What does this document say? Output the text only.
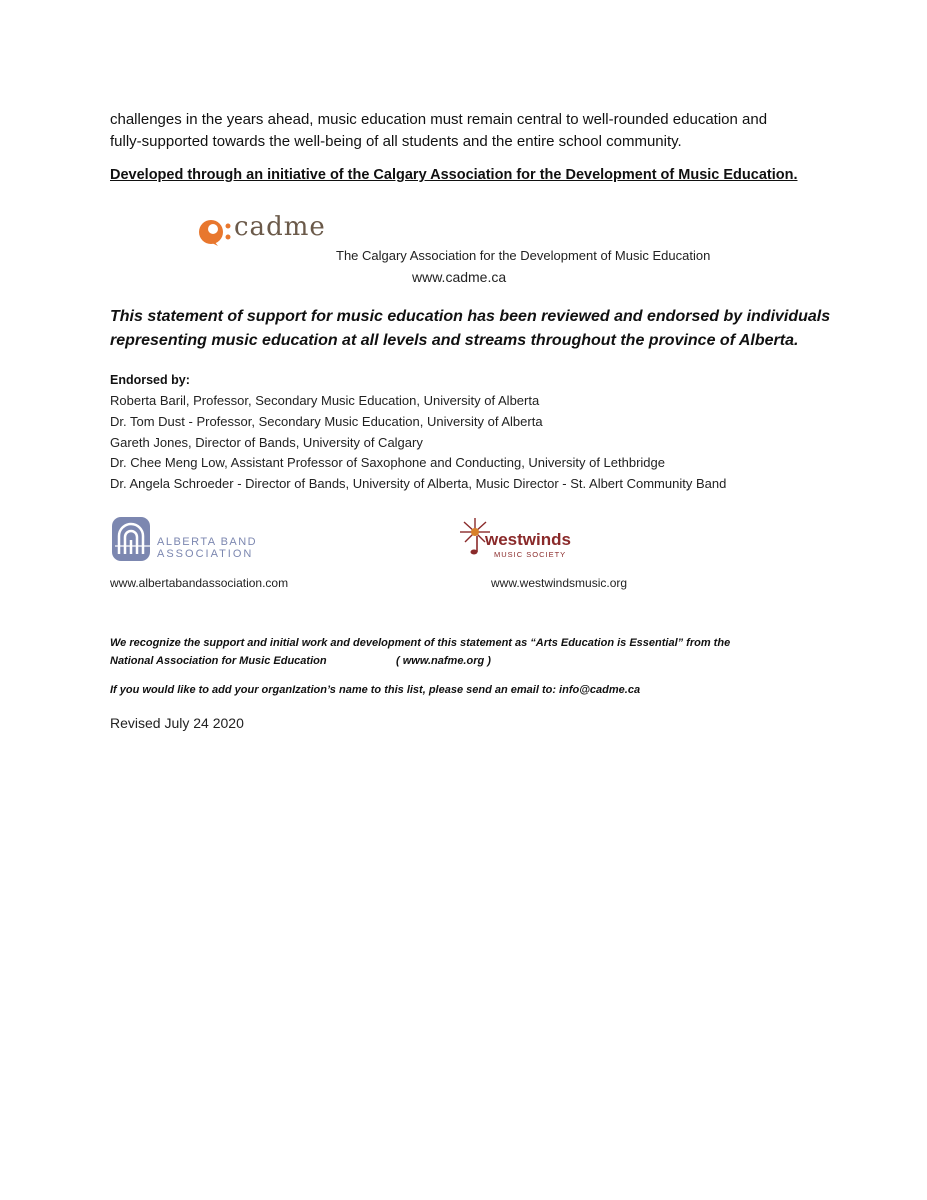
challenges in the years ahead, music education must remain central to well-rounded education and
fully-supported towards the well-being of all students and the entire school community.
Developed through an initiative of the Calgary Association for the Development of Music Education.
cadme
The Calgary Association for the Development of Music Education
www.cadme.ca
This statement of support for music education has been reviewed and endorsed by individuals
representing music education at all levels and streams throughout the province of Alberta.
Endorsed by:
Roberta Baril, Professor, Secondary Music Education, University of Alberta
Dr. Tom Dust - Professor, Secondary Music Education, University of Alberta
Gareth Jones, Director of Bands, University of Calgary
Dr. Chee Meng Low, Assistant Professor of Saxophone and Conducting, University of Lethbridge
Dr. Angela Schroeder - Director of Bands, University of Alberta, Music Director - St. Albert Community Band
ALBERTA BAND
ASSOCIATION
www.albertabandassociation.com
westwinds
MUSIC SOCIETY
www.westwindsmusic.org
We recognize the support and initial work and development of this statement as “Arts Education is Essential” from the
National Association for Music Education	( www.nafme.org )
If you would like to add your organIzation’s name to this list, please send an email to: info@cadme.ca
Revised July 24 2020
